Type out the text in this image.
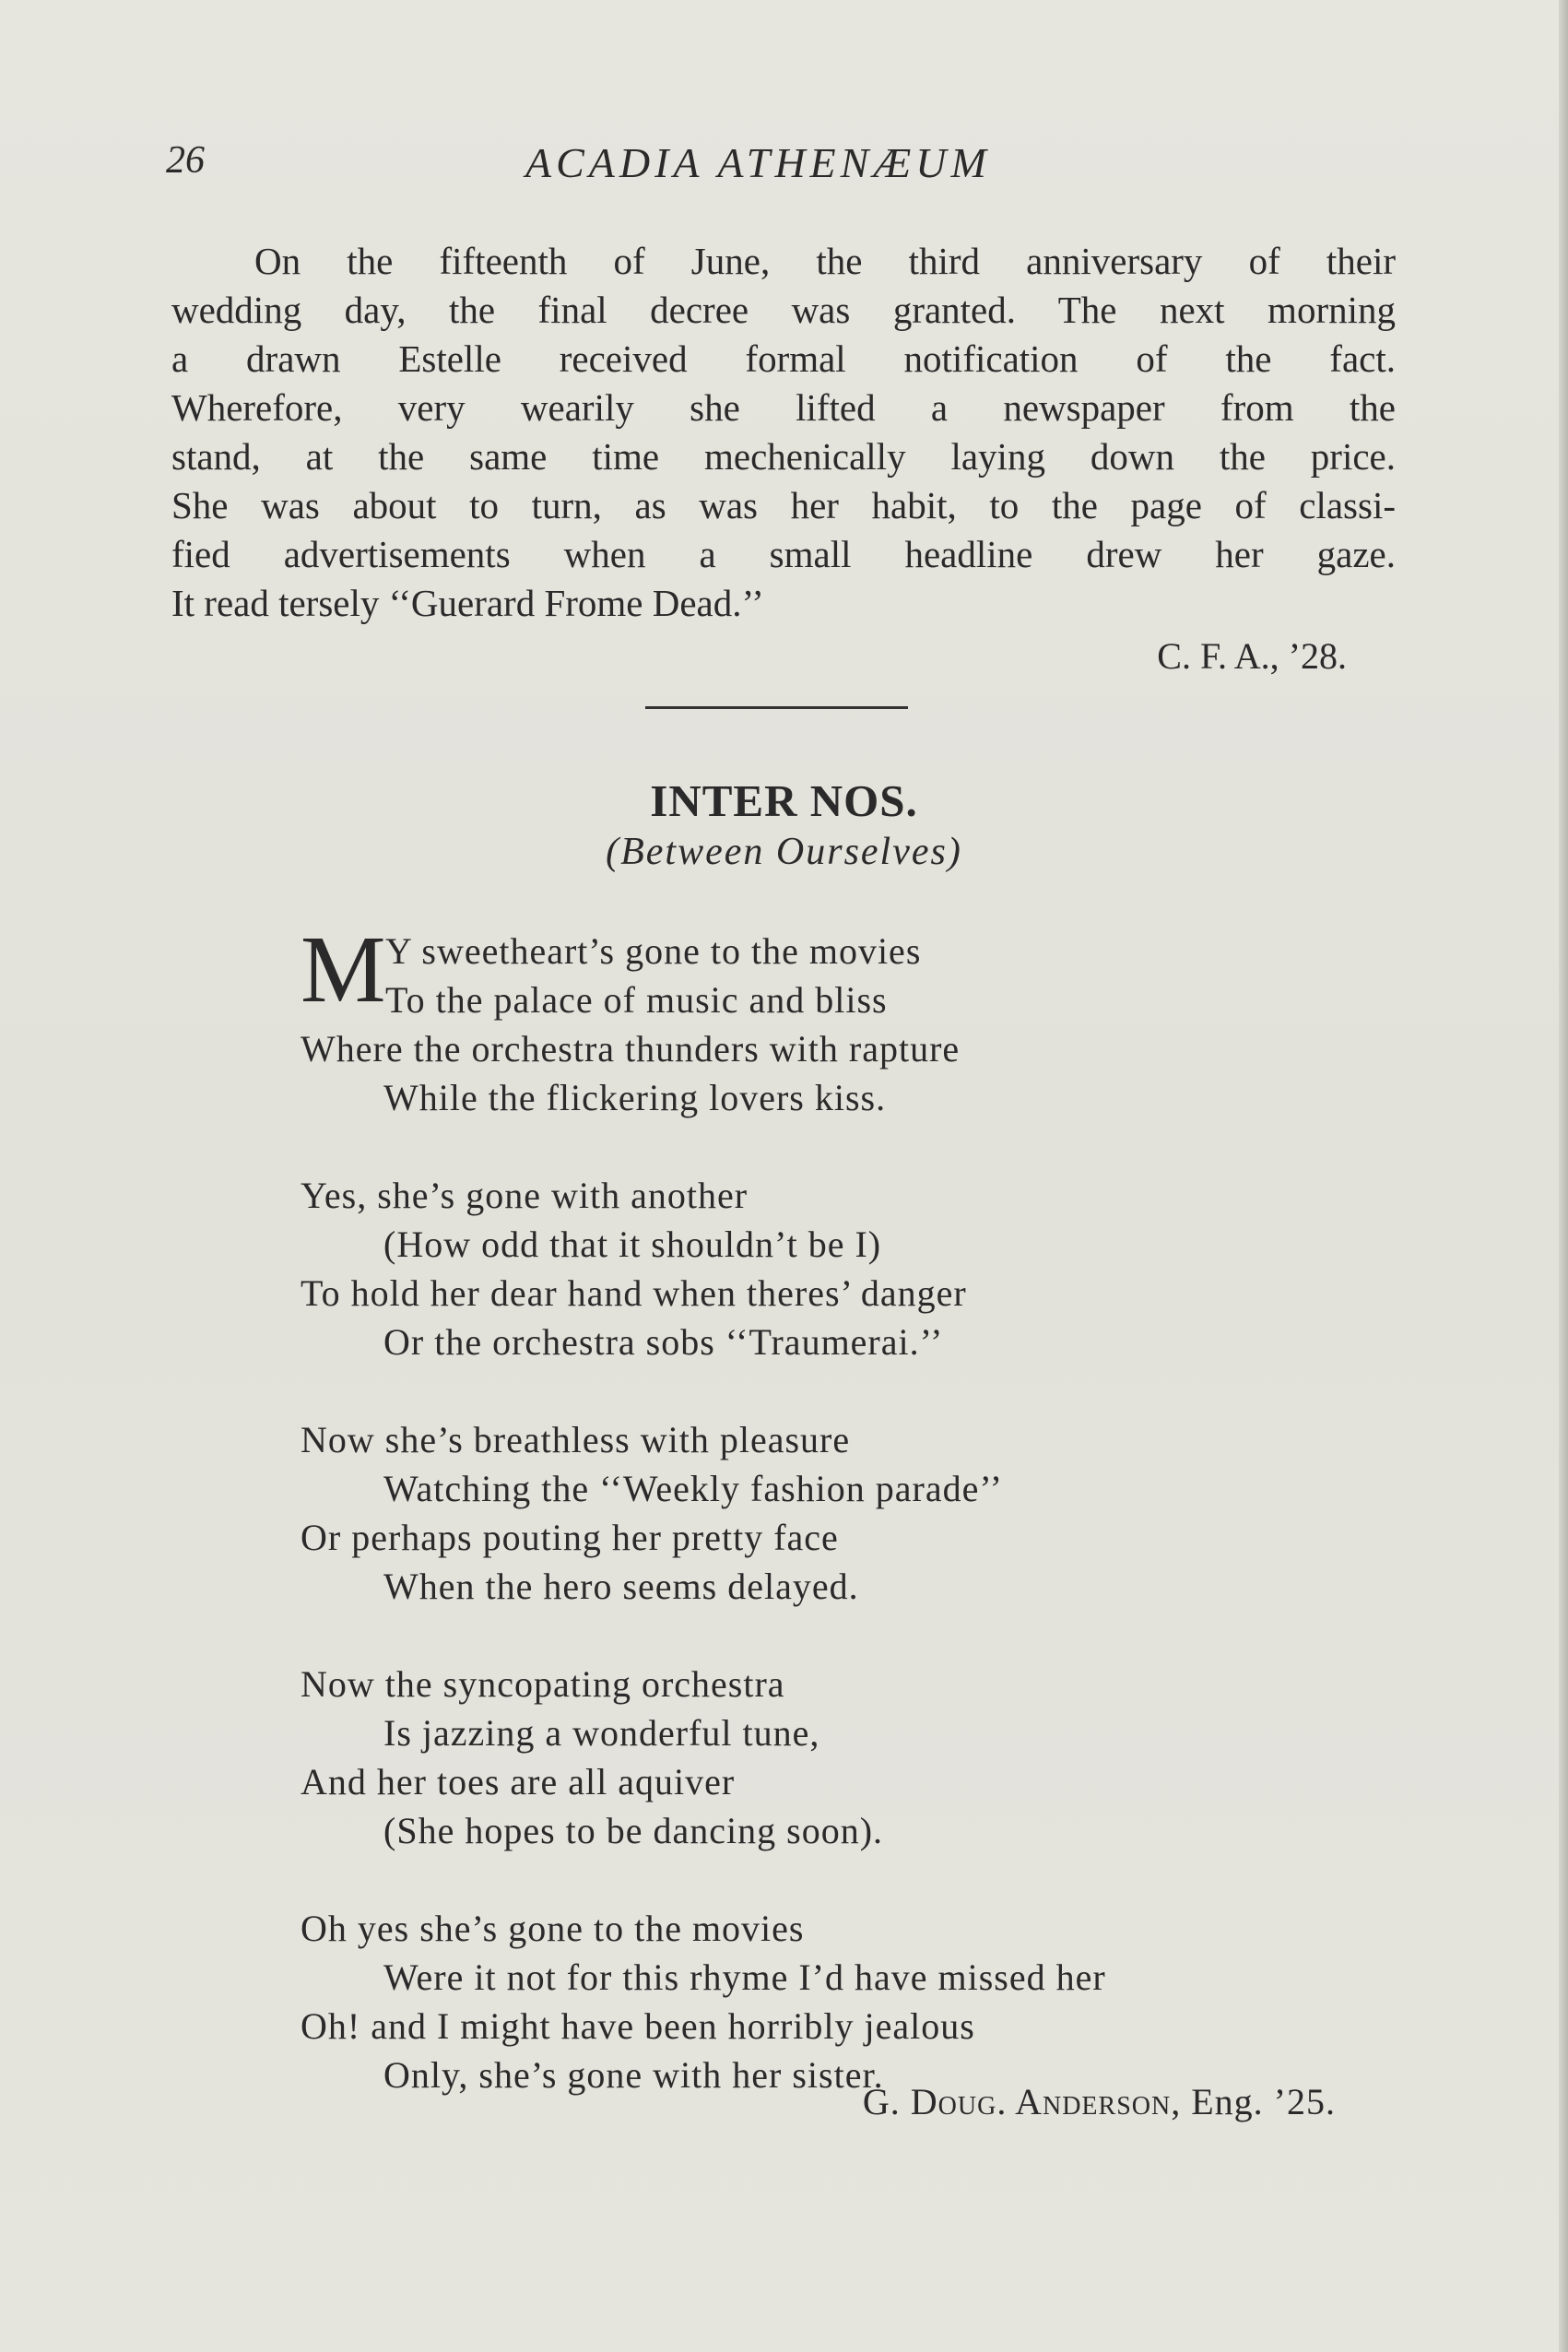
26	ACADIA ATHENÆUM
On the fifteenth of June, the third anniversary of their
wedding day, the final decree was granted. The next morning
a drawn Estelle received formal notification of the fact.
Wherefore, very wearily she lifted a newspaper from the
stand, at the same time mechenically laying down the price.
She was about to turn, as was her habit, to the page of classi-
fied advertisements when a small headline drew her gaze.
It read tersely ‘‘Guerard Frome Dead.’’
C. F. A., ’28.
INTER NOS.
(Between Ourselves)
M Y sweetheart’s gone to the movies
To the palace of music and bliss
Where the orchestra thunders with rapture
While the flickering lovers kiss.
Yes, she’s gone with another
(How odd that it shouldn’t be I)
To hold her dear hand when theres’ danger
Or the orchestra sobs ‘‘Traumerai.’’
Now she’s breathless with pleasure
Watching the ‘‘Weekly fashion parade’’
Or perhaps pouting her pretty face
When the hero seems delayed.
Now the syncopating orchestra
Is jazzing a wonderful tune,
And her toes are all aquiver
(She hopes to be dancing soon).
Oh yes she’s gone to the movies
Were it not for this rhyme I’d have missed her
Oh! and I might have been horribly jealous
Only, she’s gone with her sister.
G. Doug. Anderson, Eng. ’25.
